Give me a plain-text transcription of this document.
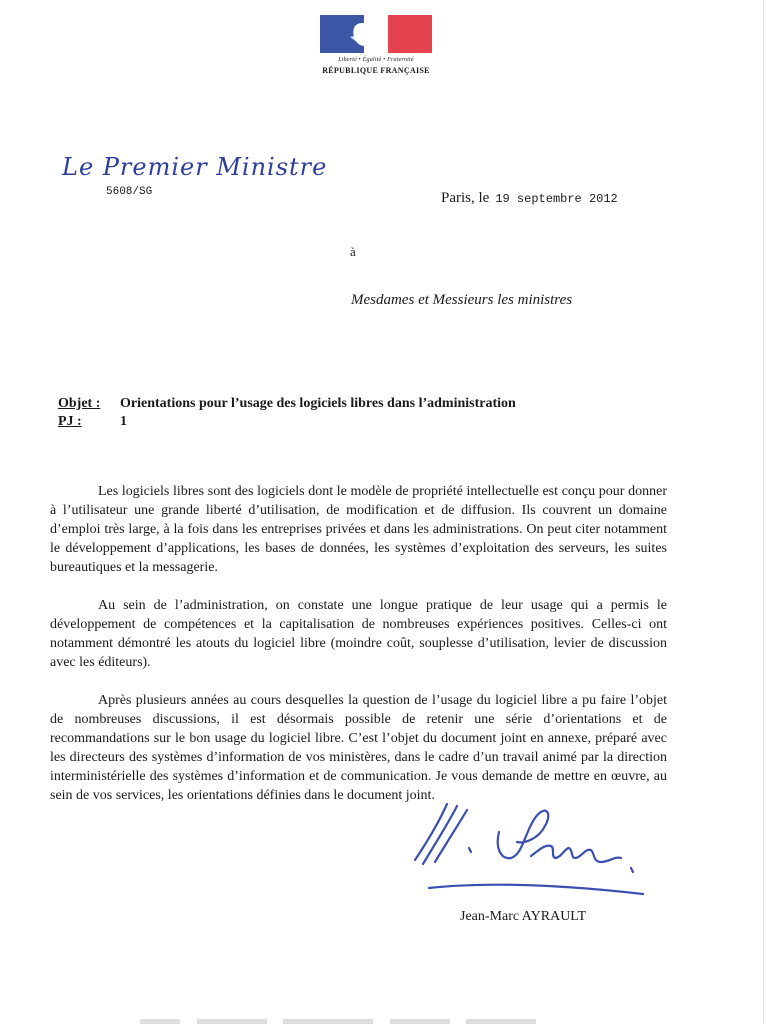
Liberté • Égalité • Fraternité
RÉPUBLIQUE FRANÇAISE
Le Premier Ministre
5608/SG	Paris, le 19 septembre 2012
à
Mesdames et Messieurs les ministres
Objet :	Orientations pour l’usage des logiciels libres dans l’administration
PJ :	1

Les logiciels libres sont des logiciels dont le modèle de propriété intellectuelle est conçu pour donner à l’utilisateur une grande liberté d’utilisation, de modification et de diffusion. Ils couvrent un domaine d’emploi très large, à la fois dans les entreprises privées et dans les administrations. On peut citer notamment le développement d’applications, les bases de données, les systèmes d’exploitation des serveurs, les suites bureautiques et la messagerie.

Au sein de l’administration, on constate une longue pratique de leur usage qui a permis le développement de compétences et la capitalisation de nombreuses expériences positives. Celles-ci ont notamment démontré les atouts du logiciel libre (moindre coût, souplesse d’utilisation, levier de discussion avec les éditeurs).

Après plusieurs années au cours desquelles la question de l’usage du logiciel libre a pu faire l’objet de nombreuses discussions, il est désormais possible de retenir une série d’orientations et de recommandations sur le bon usage du logiciel libre. C’est l’objet du document joint en annexe, préparé avec les directeurs des systèmes d’information de vos ministères, dans le cadre d’un travail animé par la direction interministérielle des systèmes d’information et de communication. Je vous demande de mettre en œuvre, au sein de vos services, les orientations définies dans le document joint.

Jean-Marc AYRAULT
